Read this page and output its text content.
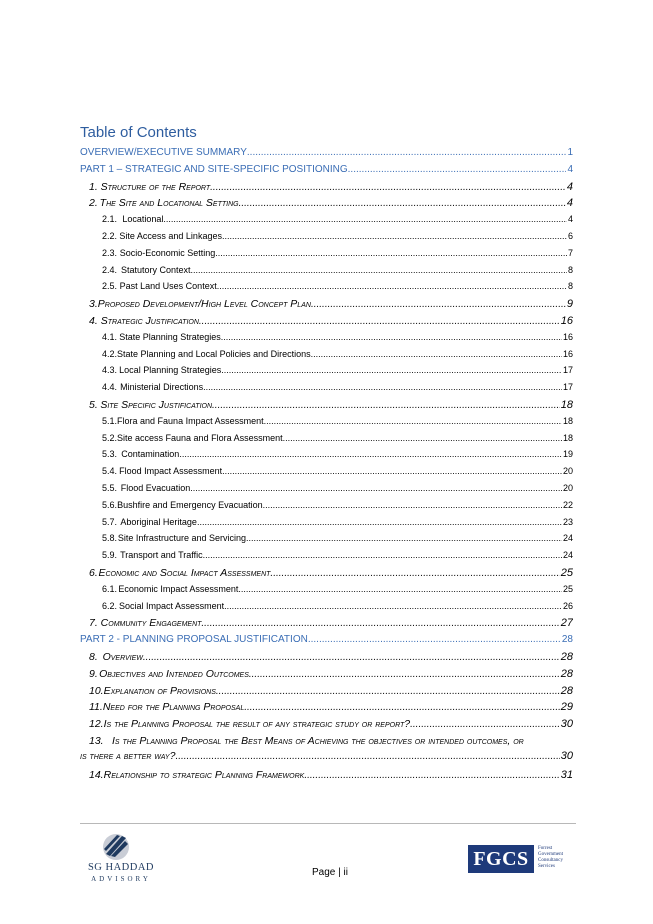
Table of Contents
OVERVIEW/EXECUTIVE SUMMARY .....	1
PART 1 – STRATEGIC AND SITE-SPECIFIC POSITIONING .....	4
1. Structure of the Report .....	4
2. The Site and Locational Setting .....	4
2.1. Locational .....	4
2.2. Site Access and Linkages .....	6
2.3. Socio-Economic Setting .....	7
2.4. Statutory Context .....	8
2.5. Past Land Uses Context .....	8
3. Proposed Development/High Level Concept Plan .....	9
4. Strategic Justification .....	16
4.1. State Planning Strategies .....	16
4.2. State Planning and Local Policies and Directions .....	16
4.3. Local Planning Strategies .....	17
4.4. Ministerial Directions .....	17
5. Site Specific Justification .....	18
5.1. Flora and Fauna Impact Assessment .....	18
5.2. Site access Fauna and Flora Assessment .....	18
5.3. Contamination .....	19
5.4. Flood Impact Assessment .....	20
5.5. Flood Evacuation .....	20
5.6. Bushfire and Emergency Evacuation .....	22
5.7. Aboriginal Heritage .....	23
5.8. Site Infrastructure and Servicing .....	24
5.9. Transport and Traffic .....	24
6. Economic and Social Impact Assessment .....	25
6.1. Economic Impact Assessment .....	25
6.2. Social Impact Assessment .....	26
7. Community Engagement .....	27
PART 2 - PLANNING PROPOSAL JUSTIFICATION .....	28
8. Overview .....	28
9. Objectives and Intended Outcomes .....	28
10. Explanation of Provisions .....	28
11. Need for the Planning Proposal .....	29
12. Is the Planning Proposal the result of any strategic study or report? .....	30
13. Is the Planning Proposal the Best Means of Achieving the objectives or intended outcomes, or
is there a better way? .....	30
14. Relationship to strategic Planning Framework .....	31
SG HADDAD
ADVISORY
Page | ii
FGCS	Forrest
Government
Consultancy
Services
